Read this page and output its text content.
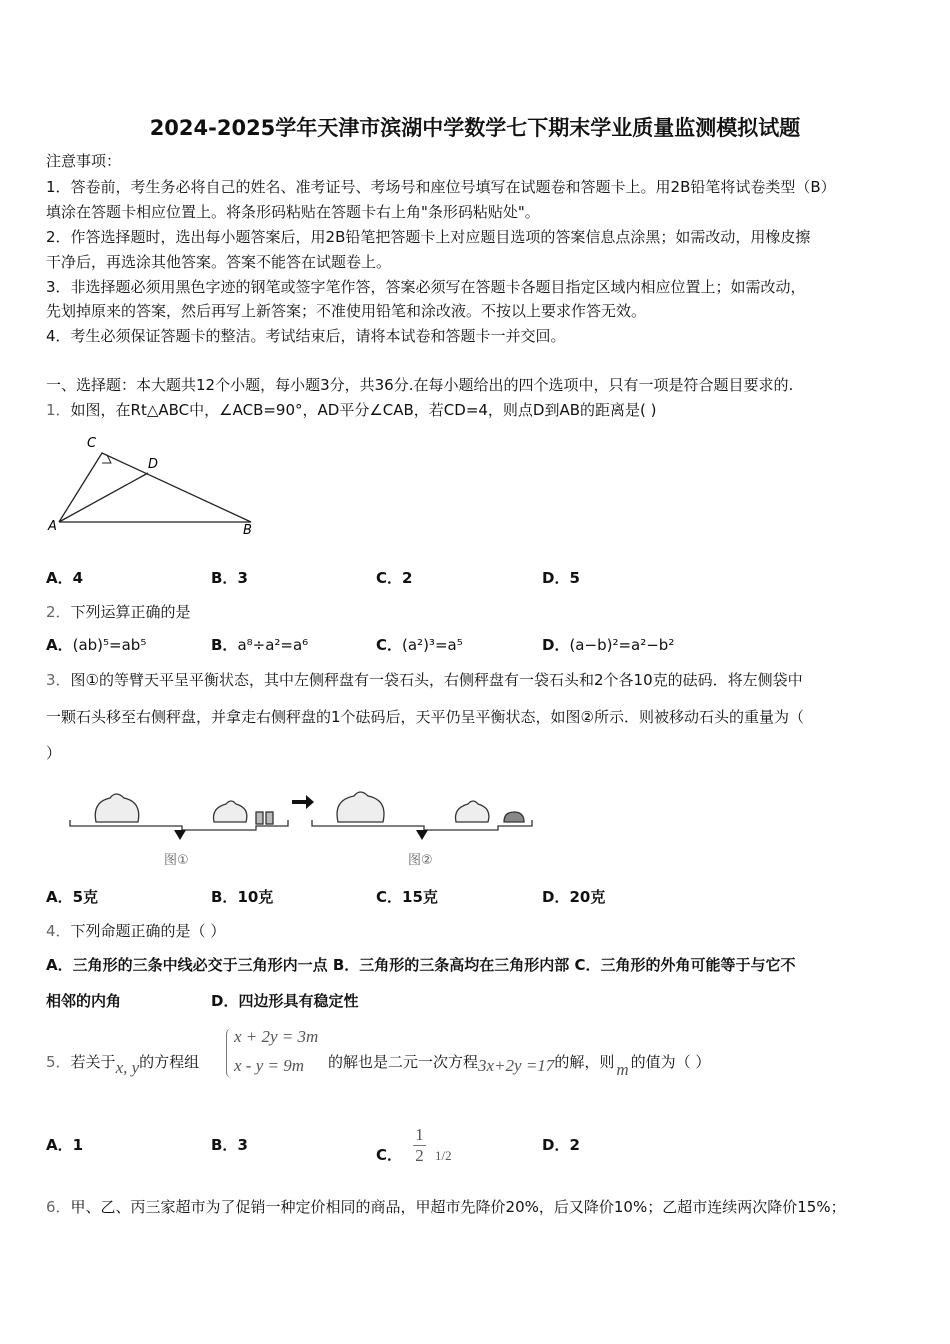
2024-2025学年天津市滨湖中学数学七下期末学业质量监测模拟试题
注意事项：
1．答卷前，考生务必将自己的姓名、准考证号、考场号和座位号填写在试题卷和答题卡上。用2B铅笔将试卷类型（B）
填涂在答题卡相应位置上。将条形码粘贴在答题卡右上角"条形码粘贴处"。
2．作答选择题时，选出每小题答案后，用2B铅笔把答题卡上对应题目选项的答案信息点涂黑；如需改动，用橡皮擦
干净后，再选涂其他答案。答案不能答在试题卷上。
3．非选择题必须用黑色字迹的钢笔或签字笔作答，答案必须写在答题卡各题目指定区域内相应位置上；如需改动，
先划掉原来的答案，然后再写上新答案；不准使用铅笔和涂改液。不按以上要求作答无效。
4．考生必须保证答题卡的整洁。考试结束后，请将本试卷和答题卡一并交回。
一、选择题：本大题共12个小题，每小题3分，共36分.在每小题给出的四个选项中，只有一项是符合题目要求的.
1．如图，在Rt△ABC中，∠ACB=90°，AD平分∠CAB，若CD=4，则点D到AB的距离是( )
C
D
A	B
A．4	B．3	C．2	D．5
2．下列运算正确的是
A．(ab)⁵=ab⁵	B．a⁸÷a²=a⁶	C．(a²)³=a⁵	D．(a−b)²=a²−b²
3．图①的等臂天平呈平衡状态，其中左侧秤盘有一袋石头，右侧秤盘有一袋石头和2个各10克的砝码．将左侧袋中
一颗石头移至右侧秤盘，并拿走右侧秤盘的1个砝码后，天平仍呈平衡状态，如图②所示．则被移动石头的重量为（
）
图①	图②
A．5克	B．10克	C．15克	D．20克
4．下列命题正确的是（ ）
A．三角形的三条中线必交于三角形内一点 B．三角形的三条高均在三角形内部 C．三角形的外角可能等于与它不
相邻的内角	D．四边形具有稳定性
5．若关于x, y的方程组
x + 2y = 3m
x - y = 9m 的解也是二元一次方程3x+2y =17的解，则 m 的值为（ ）
A．1	B．3
C． $\frac{1}{2} 1/2$
D．2
6．甲、乙、丙三家超市为了促销一种定价相同的商品，甲超市先降价20%，后又降价10%；乙超市连续两次降价15%；
